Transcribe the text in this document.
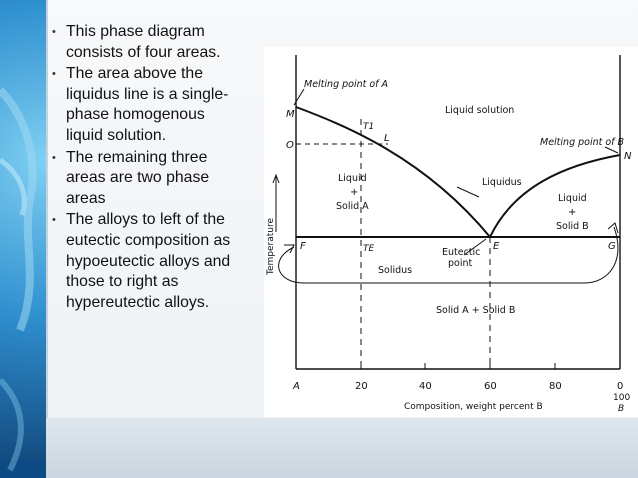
• This phase diagram consists of four areas.
• The area above the liquidus line is a single-phase homogenous liquid solution.
• The remaining three areas are two phase areas
• The alloys to left of the eutectic composition as hypoeutectic alloys and those to right as hypereutectic alloys.
Melting point of A
Melting point of B
Liquid solution
Liquidus
Solidus
Eutectic
point
Liquid
+
Solid A
Liquid
+
Solid B
Solid A + Solid B
M
N
O
L
T1
TE
F	E	G
Temperature
A	20	40	60	80	0
100
B
Composition, weight percent B
